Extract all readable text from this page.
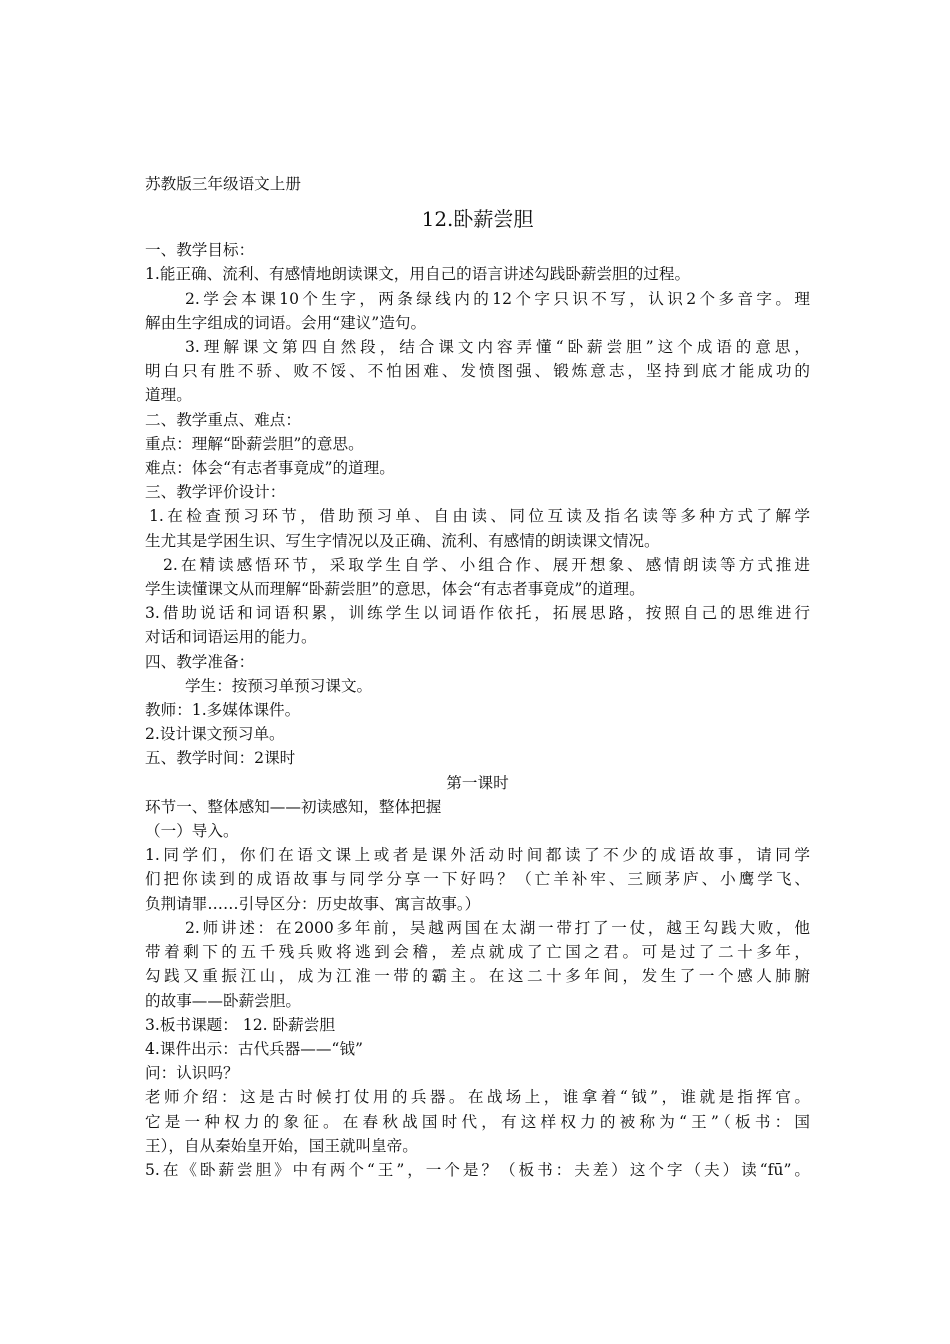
苏教版三年级语文上册
12.卧薪尝胆
一、教学目标：
1.能正确、流利、有感情地朗读课文，用自己的语言讲述勾践卧薪尝胆的过程。
2.学会本课10个生字，两条绿线内的12个字只识不写，认识2个多音字。理
解由生字组成的词语。会用“建议”造句。
3.理解课文第四自然段，结合课文内容弄懂“卧薪尝胆”这个成语的意思，
明白只有胜不骄、败不馁、不怕困难、发愤图强、锻炼意志，坚持到底才能成功的
道理。
二、教学重点、难点：
重点：理解“卧薪尝胆”的意思。
难点：体会“有志者事竟成”的道理。
三、教学评价设计：
1.在检查预习环节，借助预习单、自由读、同位互读及指名读等多种方式了解学
生尤其是学困生识、写生字情况以及正确、流利、有感情的朗读课文情况。
2.在精读感悟环节，采取学生自学、小组合作、展开想象、感情朗读等方式推进
学生读懂课文从而理解“卧薪尝胆”的意思，体会“有志者事竟成”的道理。
3.借助说话和词语积累，训练学生以词语作依托，拓展思路，按照自己的思维进行
对话和词语运用的能力。
四、教学准备：
学生：按预习单预习课文。
教师：1.多媒体课件。
2.设计课文预习单。
五、教学时间：2课时
第一课时
环节一、整体感知——初读感知，整体把握
（一）导入。
1.同学们，你们在语文课上或者是课外活动时间都读了不少的成语故事，请同学
们把你读到的成语故事与同学分享一下好吗？（亡羊补牢、三顾茅庐、小鹰学飞、
负荆请罪……引导区分：历史故事、寓言故事。）
2.师讲述：在2000多年前，吴越两国在太湖一带打了一仗，越王勾践大败，他
带着剩下的五千残兵败将逃到会稽，差点就成了亡国之君。可是过了二十多年，
勾践又重振江山，成为江淮一带的霸主。在这二十多年间，发生了一个感人肺腑
的故事——卧薪尝胆。
3.板书课题： 12. 卧薪尝胆
4.课件出示：古代兵器——“钺”
问：认识吗？
老师介绍：这是古时候打仗用的兵器。在战场上，谁拿着“钺”，谁就是指挥官。
它是一种权力的象征。在春秋战国时代，有这样权力的被称为“王”（板书：国
王），自从秦始皇开始，国王就叫皇帝。
5.在《卧薪尝胆》中有两个“王”，一个是？（板书：夫差）这个字（夫）读“fū”。
